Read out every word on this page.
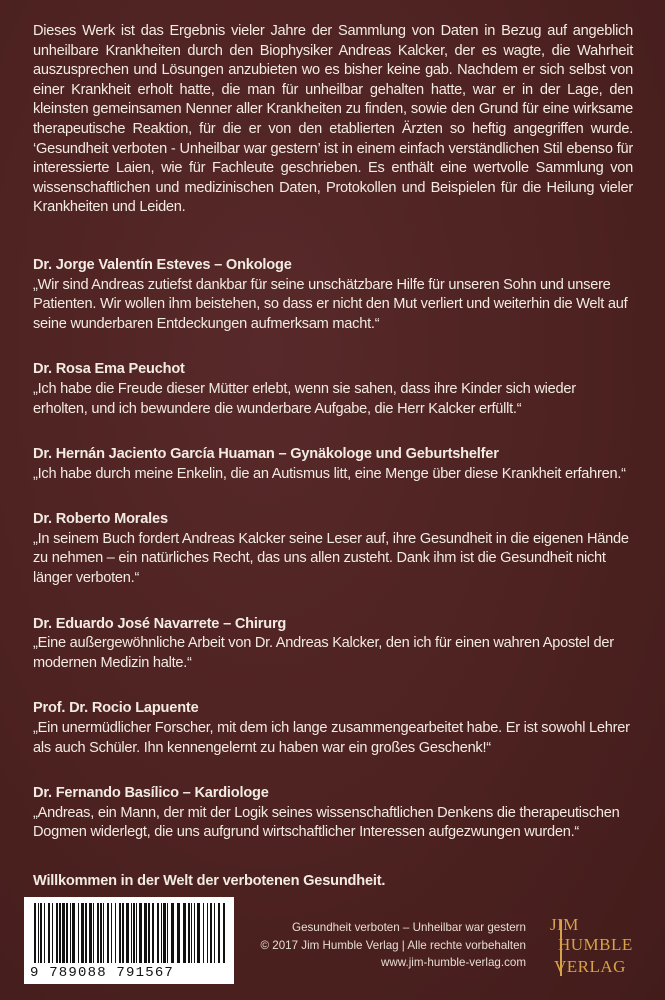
Dieses Werk ist das Ergebnis vieler Jahre der Sammlung von Daten in Bezug auf angeblich unheilbare Krankheiten durch den Biophysiker Andreas Kalcker, der es wagte, die Wahrheit auszusprechen und Lösungen anzubieten wo es bisher keine gab. Nachdem er sich selbst von einer Krankheit erholt hatte, die man für unheilbar gehalten hatte, war er in der Lage, den kleinsten gemeinsamen Nenner aller Krankheiten zu finden, sowie den Grund für eine wirksame therapeutische Reaktion, für die er von den etablierten Ärzten so heftig angegriffen wurde. ‘Gesundheit verboten - Unheilbar war gestern’ ist in einem einfach verständlichen Stil ebenso für interessierte Laien, wie für Fachleute geschrieben. Es enthält eine wertvolle Sammlung von wissenschaftlichen und medizinischen Daten, Protokollen und Beispielen für die Heilung vieler Krankheiten und Leiden.

Dr. Jorge Valentín Esteves – Onkologe

„Wir sind Andreas zutiefst dankbar für seine unschätzbare Hilfe für unseren Sohn und unsere Patienten. Wir wollen ihm beistehen, so dass er nicht den Mut verliert und weiterhin die Welt auf seine wunderbaren Entdeckungen aufmerksam macht.“

Dr. Rosa Ema Peuchot

„Ich habe die Freude dieser Mütter erlebt, wenn sie sahen, dass ihre Kinder sich wieder erholten, und ich bewundere die wunderbare Aufgabe, die Herr Kalcker erfüllt.“

Dr. Hernán Jaciento García Huaman – Gynäkologe und Geburtshelfer

„Ich habe durch meine Enkelin, die an Autismus litt, eine Menge über diese Krankheit erfahren.“

Dr. Roberto Morales

„In seinem Buch fordert Andreas Kalcker seine Leser auf, ihre Gesundheit in die eigenen Hände zu nehmen – ein natürliches Recht, das uns allen zusteht. Dank ihm ist die Gesundheit nicht länger verboten.“

Dr. Eduardo José Navarrete – Chirurg

„Eine außergewöhnliche Arbeit von Dr. Andreas Kalcker, den ich für einen wahren Apostel der modernen Medizin halte.“

Prof. Dr. Rocio Lapuente

„Ein unermüdlicher Forscher, mit dem ich lange zusammengearbeitet habe. Er ist sowohl Lehrer als auch Schüler. Ihn kennengelernt zu haben war ein großes Geschenk!“

Dr. Fernando Basílico – Kardiologe

„Andreas, ein Mann, der mit der Logik seines wissenschaftlichen Denkens die therapeutischen Dogmen widerlegt, die uns aufgrund wirtschaftlicher Interessen aufgezwungen wurden.“

Willkommen in der Welt der verbotenen Gesundheit.

9 789088 791567
Gesundheit verboten – Unheilbar war gestern
© 2017 Jim Humble Verlag | Alle rechte vorbehalten
www.jim-humble-verlag.com
JIM
HUMBLE
VERLAG
